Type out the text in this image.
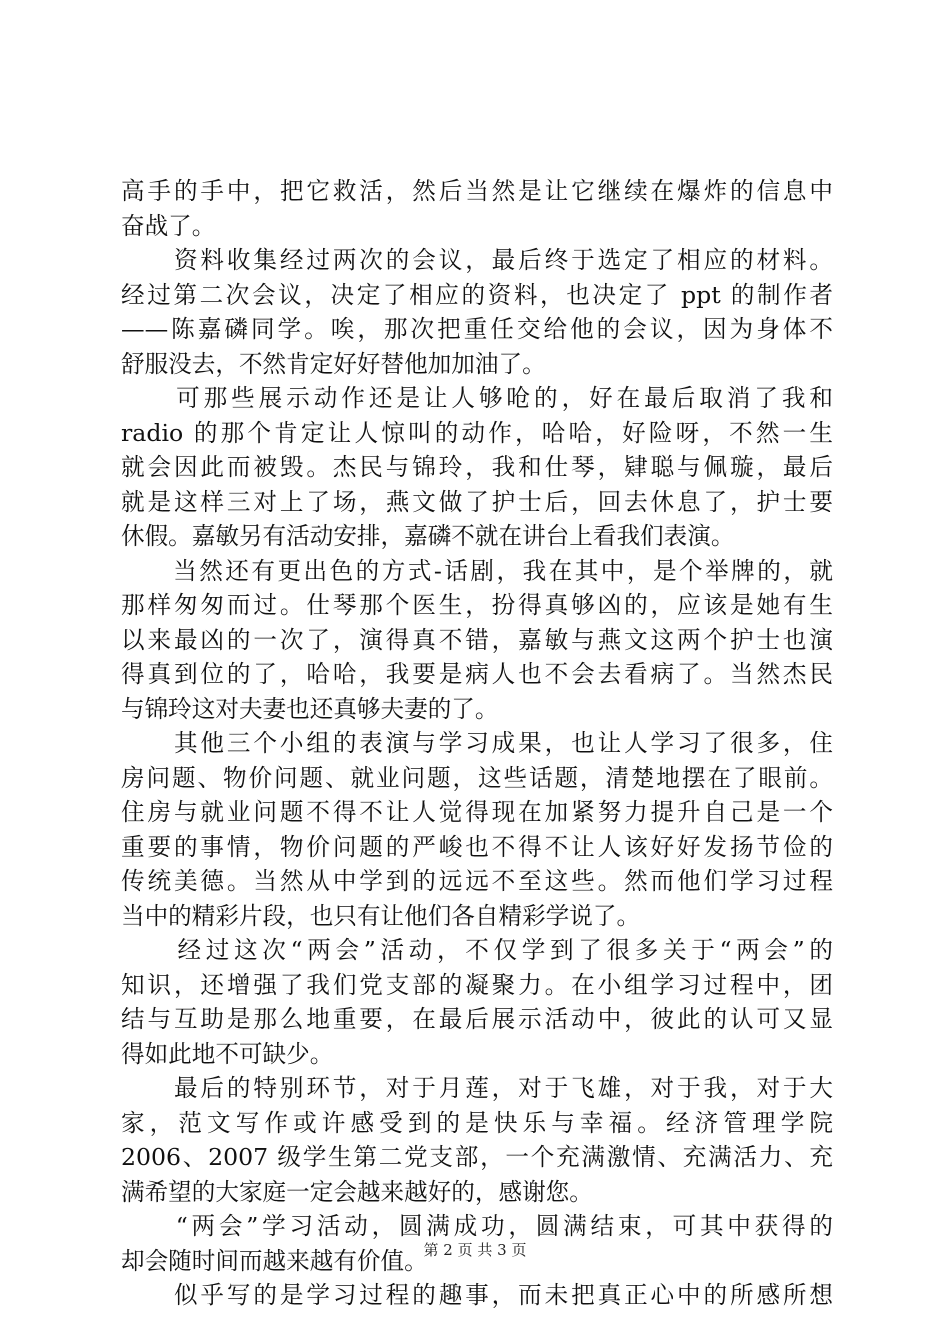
高手的手中，把它救活，然后当然是让它继续在爆炸的信息中
奋战了。
　　资料收集经过两次的会议，最后终于选定了相应的材料。
经过第二次会议，决定了相应的资料，也决定了 ppt 的制作者
——陈嘉磷同学。唉，那次把重任交给他的会议，因为身体不
舒服没去，不然肯定好好替他加加油了。
　　可那些展示动作还是让人够呛的，好在最后取消了我和
radio 的那个肯定让人惊叫的动作，哈哈，好险呀，不然一生
就会因此而被毁。杰民与锦玲，我和仕琴，肄聪与佩璇，最后
就是这样三对上了场，燕文做了护士后，回去休息了，护士要
休假。嘉敏另有活动安排，嘉磷不就在讲台上看我们表演。
　　当然还有更出色的方式-话剧，我在其中，是个举牌的，就
那样匆匆而过。仕琴那个医生，扮得真够凶的，应该是她有生
以来最凶的一次了，演得真不错，嘉敏与燕文这两个护士也演
得真到位的了，哈哈，我要是病人也不会去看病了。当然杰民
与锦玲这对夫妻也还真够夫妻的了。
　　其他三个小组的表演与学习成果，也让人学习了很多，住
房问题、物价问题、就业问题，这些话题，清楚地摆在了眼前。
住房与就业问题不得不让人觉得现在加紧努力提升自己是一个
重要的事情，物价问题的严峻也不得不让人该好好发扬节俭的
传统美德。当然从中学到的远远不至这些。然而他们学习过程
当中的精彩片段，也只有让他们各自精彩学说了。
　　经过这次“两会”活动，不仅学到了很多关于“两会”的
知识，还增强了我们党支部的凝聚力。在小组学习过程中，团
结与互助是那么地重要，在最后展示活动中，彼此的认可又显
得如此地不可缺少。
　　最后的特别环节，对于月莲，对于飞雄，对于我，对于大
家，范文写作或许感受到的是快乐与幸福。经济管理学院
2006、2007 级学生第二党支部，一个充满激情、充满活力、充
满希望的大家庭一定会越来越好的，感谢您。
　　“两会”学习活动，圆满成功，圆满结束，可其中获得的
却会随时间而越来越有价值。
　　似乎写的是学习过程的趣事，而未把真正心中的所感所想
第 2 页 共 3 页
